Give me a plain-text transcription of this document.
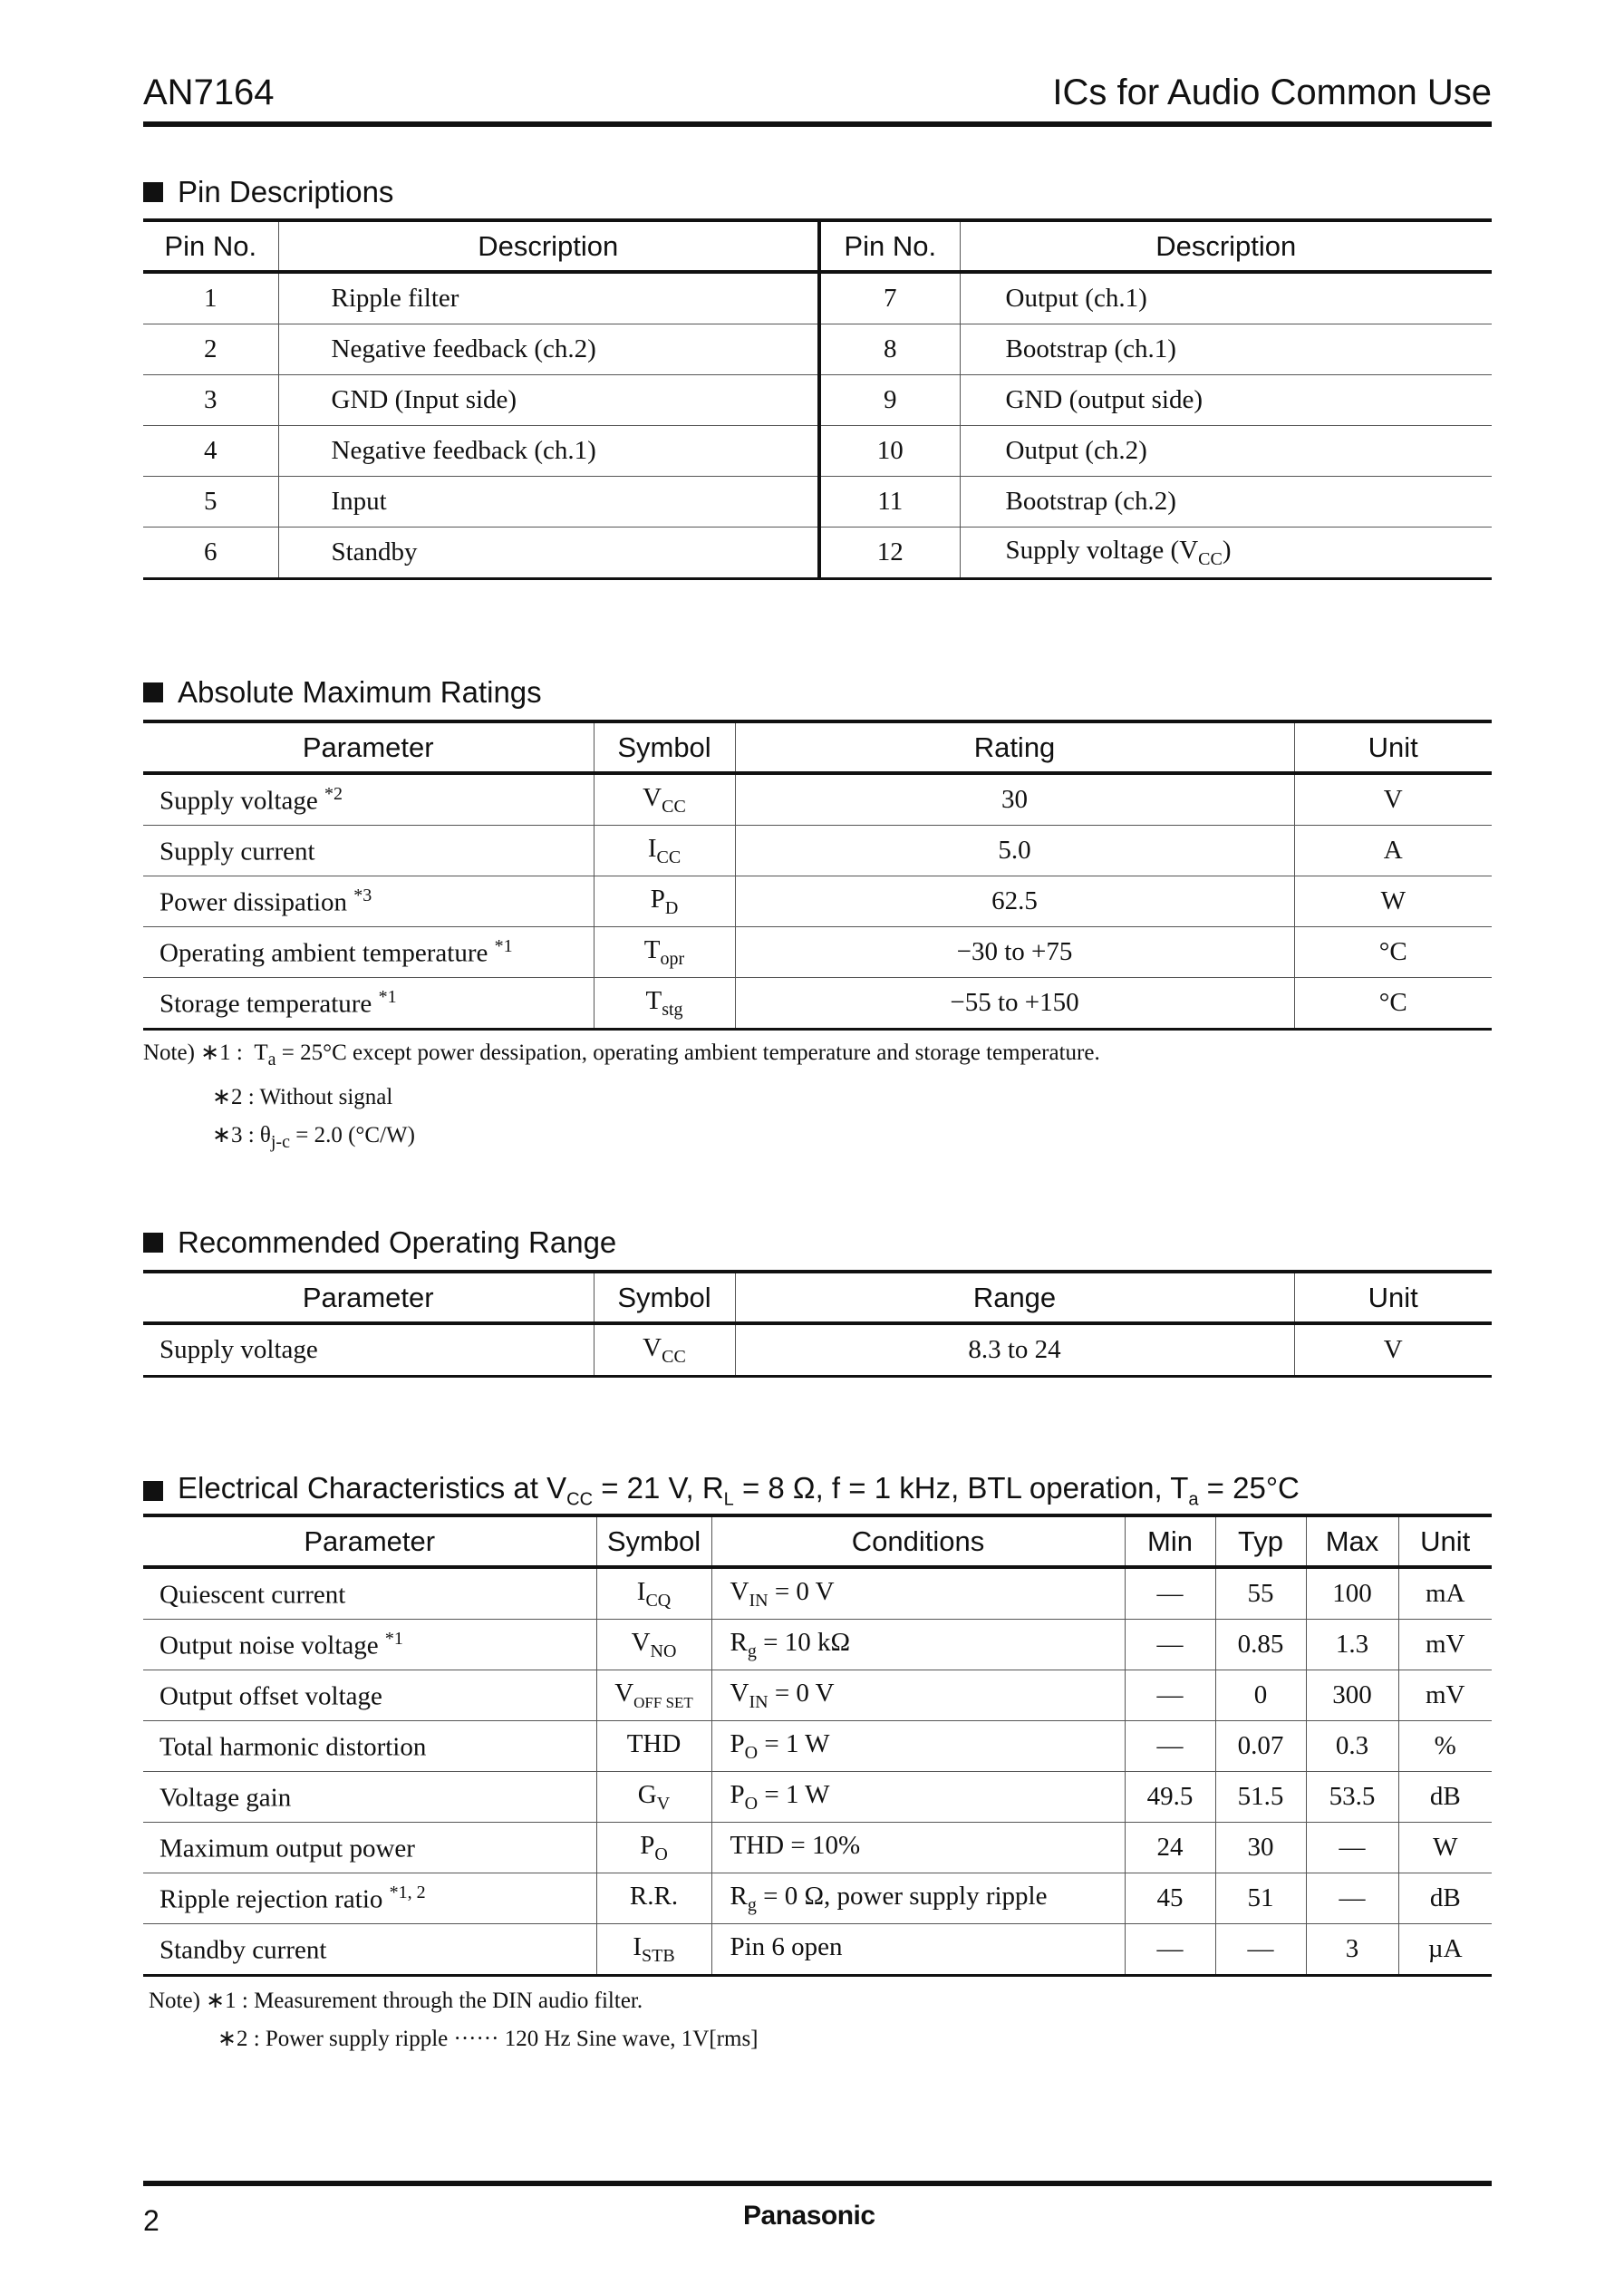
AN7164	ICs for Audio Common Use
Pin Descriptions
Pin No.	Description	Pin No.	Description
1	Ripple filter	7	Output (ch.1)
2	Negative feedback (ch.2)	8	Bootstrap (ch.1)
3	GND (Input side)	9	GND (output side)
4	Negative feedback (ch.1)	10	Output (ch.2)
5	Input	11	Bootstrap (ch.2)
6	Standby	12	Supply voltage $(V_{CC})$
Absolute Maximum Ratings
Parameter	Symbol	Rating	Unit
Supply voltage $^{*2}$	$V_{CC}$	30	V
Supply current	$I_{CC}$	5.0	A
Power dissipation $^{*3}$	$P_D$	62.5	W
Operating ambient temperature $^{*1}$	$T_{opr}$	−30 to +75	°C
Storage temperature $^{*1}$	$T_{stg}$	−55 to +150	°C
Note) ∗1 : $T_a = 25^\circ C$ except power dessipation, operating ambient temperature and storage temperature.
∗2 : Without signal
∗3 : $\theta_{j-c} = 2.0$ (°C/W)
Recommended Operating Range
Parameter	Symbol	Range	Unit
Supply voltage	$V_{CC}$	8.3 to 24	V
Electrical Characteristics at $V_{CC} = 21$ V, $R_L = 8$ Ω, f = 1 kHz, BTL operation, $T_a = 25^\circ C$
Parameter	Symbol	Conditions	Min	Typ	Max	Unit
Quiescent current	$I_{CQ}$	$V_{IN} = 0$ V	—	55	100	mA
Output noise voltage $^{*1}$	$V_{NO}$	$R_g = 10$ kΩ	—	0.85	1.3	mV
Output offset voltage	$V_{OFF SET}$	$V_{IN} = 0$ V	—	0	300	mV
Total harmonic distortion	THD	$P_O = 1$ W	—	0.07	0.3	%
Voltage gain	$G_V$	$P_O = 1$ W	49.5	51.5	53.5	dB
Maximum output power	$P_O$	THD = 10%	24	30	—	W
Ripple rejection ratio $^{*1, 2}$	R.R.	$R_g = 0$ Ω, power supply ripple	45	51	—	dB
Standby current	$I_{STB}$	Pin 6 open	—	—	3	µA
Note) ∗1 : Measurement through the DIN audio filter.
∗2 : Power supply ripple ······ 120 Hz Sine wave, 1V[rms]
2	Panasonic
